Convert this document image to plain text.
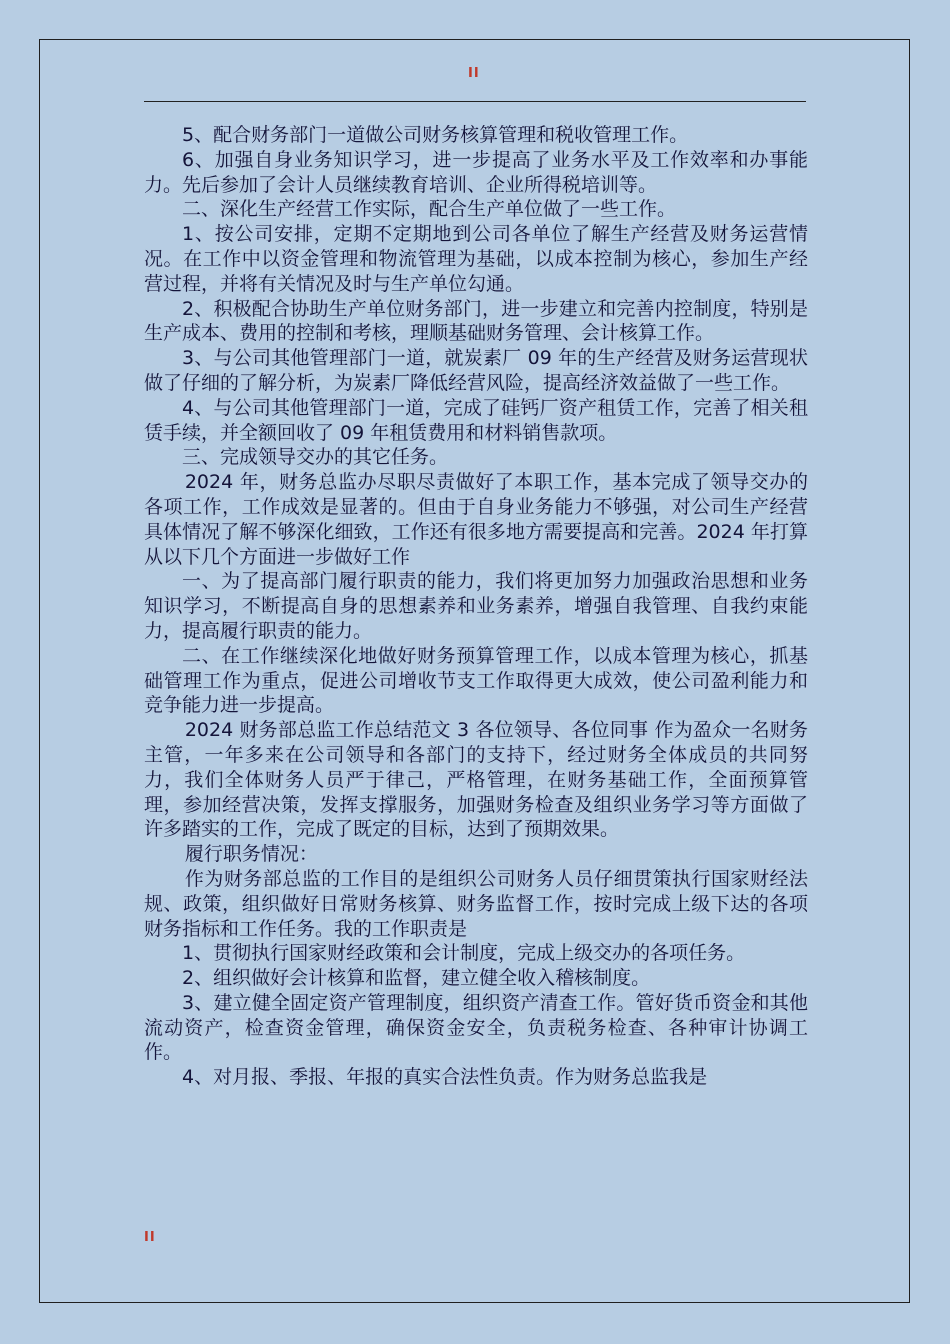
II

5、配合财务部门一道做公司财务核算管理和税收管理工作。

6、加强自身业务知识学习，进一步提高了业务水平及工作效率和办事能力。先后参加了会计人员继续教育培训、企业所得税培训等。

二、深化生产经营工作实际，配合生产单位做了一些工作。

1、按公司安排，定期不定期地到公司各单位了解生产经营及财务运营情况。在工作中以资金管理和物流管理为基础，以成本控制为核心，参加生产经营过程，并将有关情况及时与生产单位勾通。

2、积极配合协助生产单位财务部门，进一步建立和完善内控制度，特别是生产成本、费用的控制和考核，理顺基础财务管理、会计核算工作。

3、与公司其他管理部门一道，就炭素厂 09 年的生产经营及财务运营现状做了仔细的了解分析，为炭素厂降低经营风险，提高经济效益做了一些工作。

4、与公司其他管理部门一道，完成了硅钙厂资产租赁工作，完善了相关租赁手续，并全额回收了 09 年租赁费用和材料销售款项。

三、完成领导交办的其它任务。

2024 年，财务总监办尽职尽责做好了本职工作，基本完成了领导交办的各项工作，工作成效是显著的。但由于自身业务能力不够强，对公司生产经营具体情况了解不够深化细致，工作还有很多地方需要提高和完善。2024 年打算从以下几个方面进一步做好工作

一、为了提高部门履行职责的能力，我们将更加努力加强政治思想和业务知识学习，不断提高自身的思想素养和业务素养，增强自我管理、自我约束能力，提高履行职责的能力。

二、在工作继续深化地做好财务预算管理工作，以成本管理为核心，抓基础管理工作为重点，促进公司增收节支工作取得更大成效，使公司盈利能力和竞争能力进一步提高。

2024 财务部总监工作总结范文 3 各位领导、各位同事 作为盈众一名财务主管，一年多来在公司领导和各部门的支持下，经过财务全体成员的共同努力，我们全体财务人员严于律己，严格管理，在财务基础工作，全面预算管理，参加经营决策，发挥支撑服务，加强财务检查及组织业务学习等方面做了许多踏实的工作，完成了既定的目标，达到了预期效果。

履行职务情况：

作为财务部总监的工作目的是组织公司财务人员仔细贯策执行国家财经法规、政策，组织做好日常财务核算、财务监督工作，按时完成上级下达的各项财务指标和工作任务。我的工作职责是

1、贯彻执行国家财经政策和会计制度，完成上级交办的各项任务。

2、组织做好会计核算和监督，建立健全收入稽核制度。

3、建立健全固定资产管理制度，组织资产清查工作。管好货币资金和其他流动资产，检查资金管理，确保资金安全，负责税务检查、各种审计协调工作。

4、对月报、季报、年报的真实合法性负责。作为财务总监我是

II
